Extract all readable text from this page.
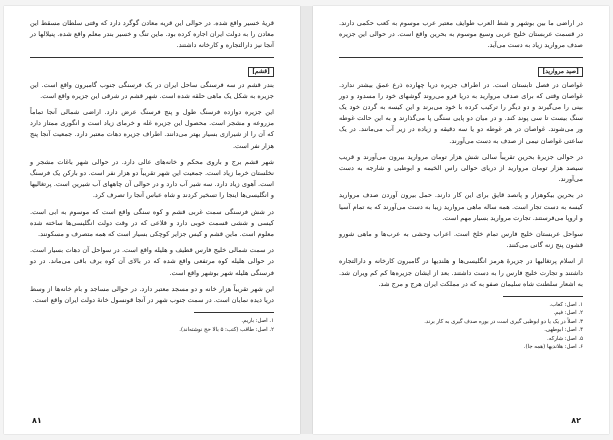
قریهٔ خسیر واقع شده. در حوالی این قریه معادن گوگرد دارد که وقتی سلطان مسقط این معادن را به دولت ایران اجاره کرده بود. ماین تنگ و خسیر بندر معلم واقع شده. پنیلالها در آنجا نیز دارالتجاره و کارخانه داشتند.

[قشم]

بندر قشم در سه فرسنگی ساحل ایران در یک فرسنگی جنوب گامبرون واقع است. این جزیره به شکل یک ماهی حلقه شده است. شهر قشم در شرقی این جزیره واقع است.

این جزیره دوازده فرسنگ طول و پنج فرسنگ عرض دارد. اراضی شمالی آنجا تماماً مزروعه و مشجر است. محصول این جزیره غله و خرمای زیاد است و انگوری ممتاز دارد که آن را از شیرازی بسیار بهتر می‌دانند. اطراف جزیره دهات معتبر دارد. جمعیت آنجا پنج هزار نفر است.

شهر قشم برج و باروی محکم و خانه‌های عالی دارد. در حوالی شهر باغات مشجر و نخلستان خرما زیاد است. جمعیت این شهر تقریباً دو هزار نفر است. دو بارکن یک فرسنگ است. آهوی زیاد دارد. سه شیر آب دارد و در حوالی آن چاههای آب شیرین است. پرتغالیها و انگلیسی‌ها اینجا را تسخیر کردند و شاه عباس آنجا را تصرف کرد.

در شش فرسنگی سمت غربی قشم و کوه سنگی واقع است که موسوم به ابی است. کیسی و ششی قسمت خوبی دارد و قلاعی که در وقت دولت انگلیسی‌ها ساخته شده معلوم است. ماین قشم و کیس جزایر کوچکی بسیار است که همه متصرف و مسکونند.

در سمت شمالی خلیج فارس قطیف و هلیله واقع است. در سواحل آن دهات بسیار است. در حوالی هلیله کوه مرتفعی واقع شده که در بالای آن کوه برف باقی می‌ماند. در دو فرسنگی هلیله شهر بوشهر واقع است.

این شهر تقریباً هزار خانه و دو مسجد معتبر دارد. در حوالی مساجد و بام خانه‌ها از وسط دریا دیده نمایان است. در سمت جنوب شهر در آنجا قونسول خانهٔ دولت ایران واقع است.

۱. اصل: باریم.

۲. اصل: طاقب (کتب: ۵ بالا حج نوشته‌اند).

۸۱

در اراضی ما بین بوشهر و شط العرب طوایف معتبر عرب موسوم به کعب حکمی دارند. در قسمت عربستان خلیج عربی وسیع موسوم به بحرین واقع است. در حوالی این جزیره صدف مروارید زیاد به دست می‌آید.

[صید مروارید]

غواصان در فصل تابستان است. در اطراف جزیره دریا چهارده ذرع عمق بیشتر ندارد. غواصان وقتی که برای صدف مروارید به دریا فرو می‌روند گوشهای خود را مسدود و دور بینی را می‌گیرند و دو دیگر را ترکیب کرده با خود می‌برند و این کیسه به گردن خود یک سنگ بیست تا سی پوند کند. و در میان دو پایی سنگی پا می‌گذارند و به این حالت غوطه ور می‌شوند. غواصان در هر غوطه دو یا سه دقیقه و زیاده در زیر آب می‌مانند. در یک ساعتی غواصان نیمی از صدف به دست می‌آورند.

در حوالی جزیرهٔ بحرین تقریباً سالی شش هزار تومان مروارید بیرون می‌آورند و قریب سیصد هزار تومان مروارید از دریای حوالی راس الخیمه و ابوظبی و شارجه به دست می‌آورند.

در بحرین بیکوهزار و پانصد قایق برای این کار دارند. حمل بیرون آوردن صدف مروارید کیسه به دست تجار است. همه ساله ماهی مروارید زیبا به دست می‌آورند که به تمام آسیا و اروپا می‌فرستند. تجارت مروارید بسیار مهم است.

سواحل عربستان خلیج فارس تمام خلخ است. اعراب وحشی به عرب‌ها و ماهی شورو قشون پنج زنه گانی می‌کنند.

از اسلام پرتغالیها در جزیرهٔ هرمز انگلیسی‌ها و هلندیها در گامبرون کارخانه و دارالتجاره داشتند و تجارت خلیج فارس را به دست داشتند. بعد از ایشان جزیره‌ها کم کم ویران شد. به اشعار سلطنت شاه سلیمان صفو به که در مملکت ایران هرج و مرج شد.

۱. اصل: کعاب.

۲. اصل: فیم.

۳. اصلاً در یک یا دو ابوظبی گیری است در بوره صدف گیری به کار برند.

۴. اصل: ابوطهی.

۵. اصل: شارکه.

۶. اصل: هلاندیها (همه جا).

۸۲
